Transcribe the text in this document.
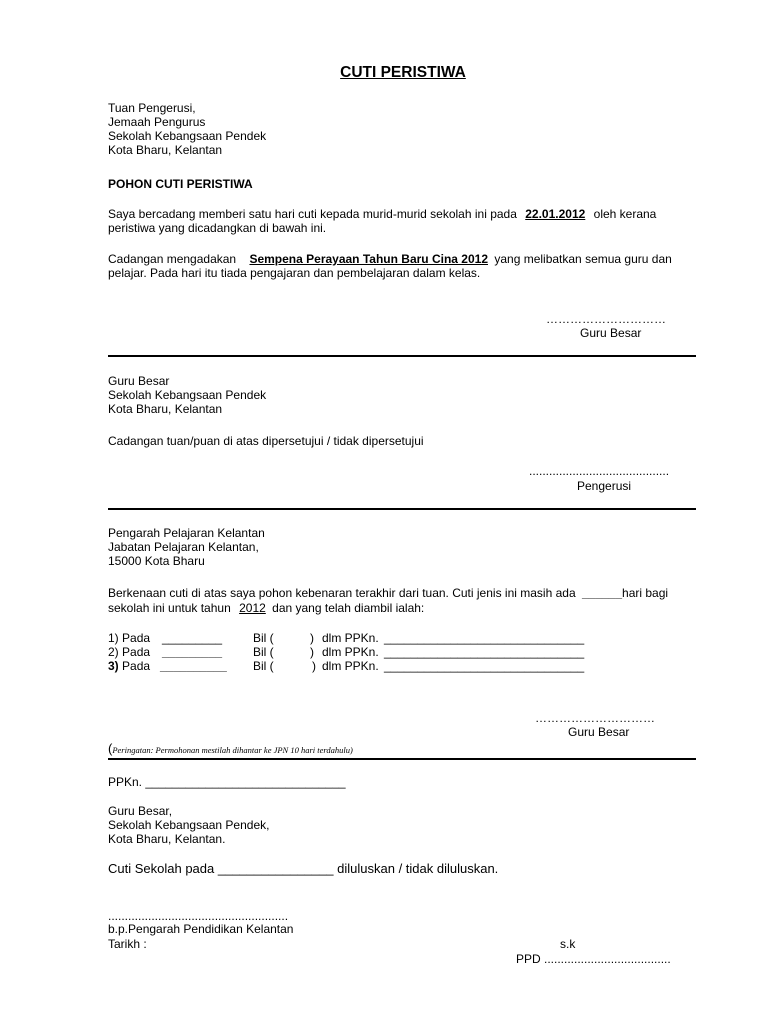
CUTI PERISTIWA
Tuan Pengerusi,
Jemaah Pengurus
Sekolah Kebangsaan Pendek
Kota Bharu, Kelantan
POHON CUTI PERISTIWA
Saya bercadang memberi satu hari cuti kepada murid-murid sekolah ini pada 22.01.2012 oleh kerana
peristiwa yang dicadangkan di bawah ini.
Cadangan mengadakan Sempena Perayaan Tahun Baru Cina 2012 yang melibatkan semua guru dan
pelajar. Pada hari itu tiada pengajaran dan pembelajaran dalam kelas.
…………………………
Guru Besar
Guru Besar
Sekolah Kebangsaan Pendek
Kota Bharu, Kelantan
Cadangan tuan/puan di atas dipersetujui / tidak dipersetujui
..........................................
Pengerusi
Pengarah Pelajaran Kelantan
Jabatan Pelajaran Kelantan,
15000 Kota Bharu
Berkenaan cuti di atas saya pohon kebenaran terakhir dari tuan. Cuti jenis ini masih ada ______hari bagi
sekolah ini untuk tahun 2012 dan yang telah diambil ialah:
1) Pada _________	Bil (	) dlm PPKn. ______________________________
2) Pada _________	Bil (	) dlm PPKn. ______________________________
3) Pada __________ Bil (	) dlm PPKn. ______________________________
…………………………
Guru Besar
(Peringatan: Permohonan mestilah dihantar ke JPN 10 hari terdahulu)
PPKn. ______________________________
Guru Besar,
Sekolah Kebangsaan Pendek,
Kota Bharu, Kelantan.
Cuti Sekolah pada ________________ diluluskan / tidak diluluskan.
......................................................
b.p.Pengarah Pendidikan Kelantan
Tarikh :	s.k
PPD ......................................
